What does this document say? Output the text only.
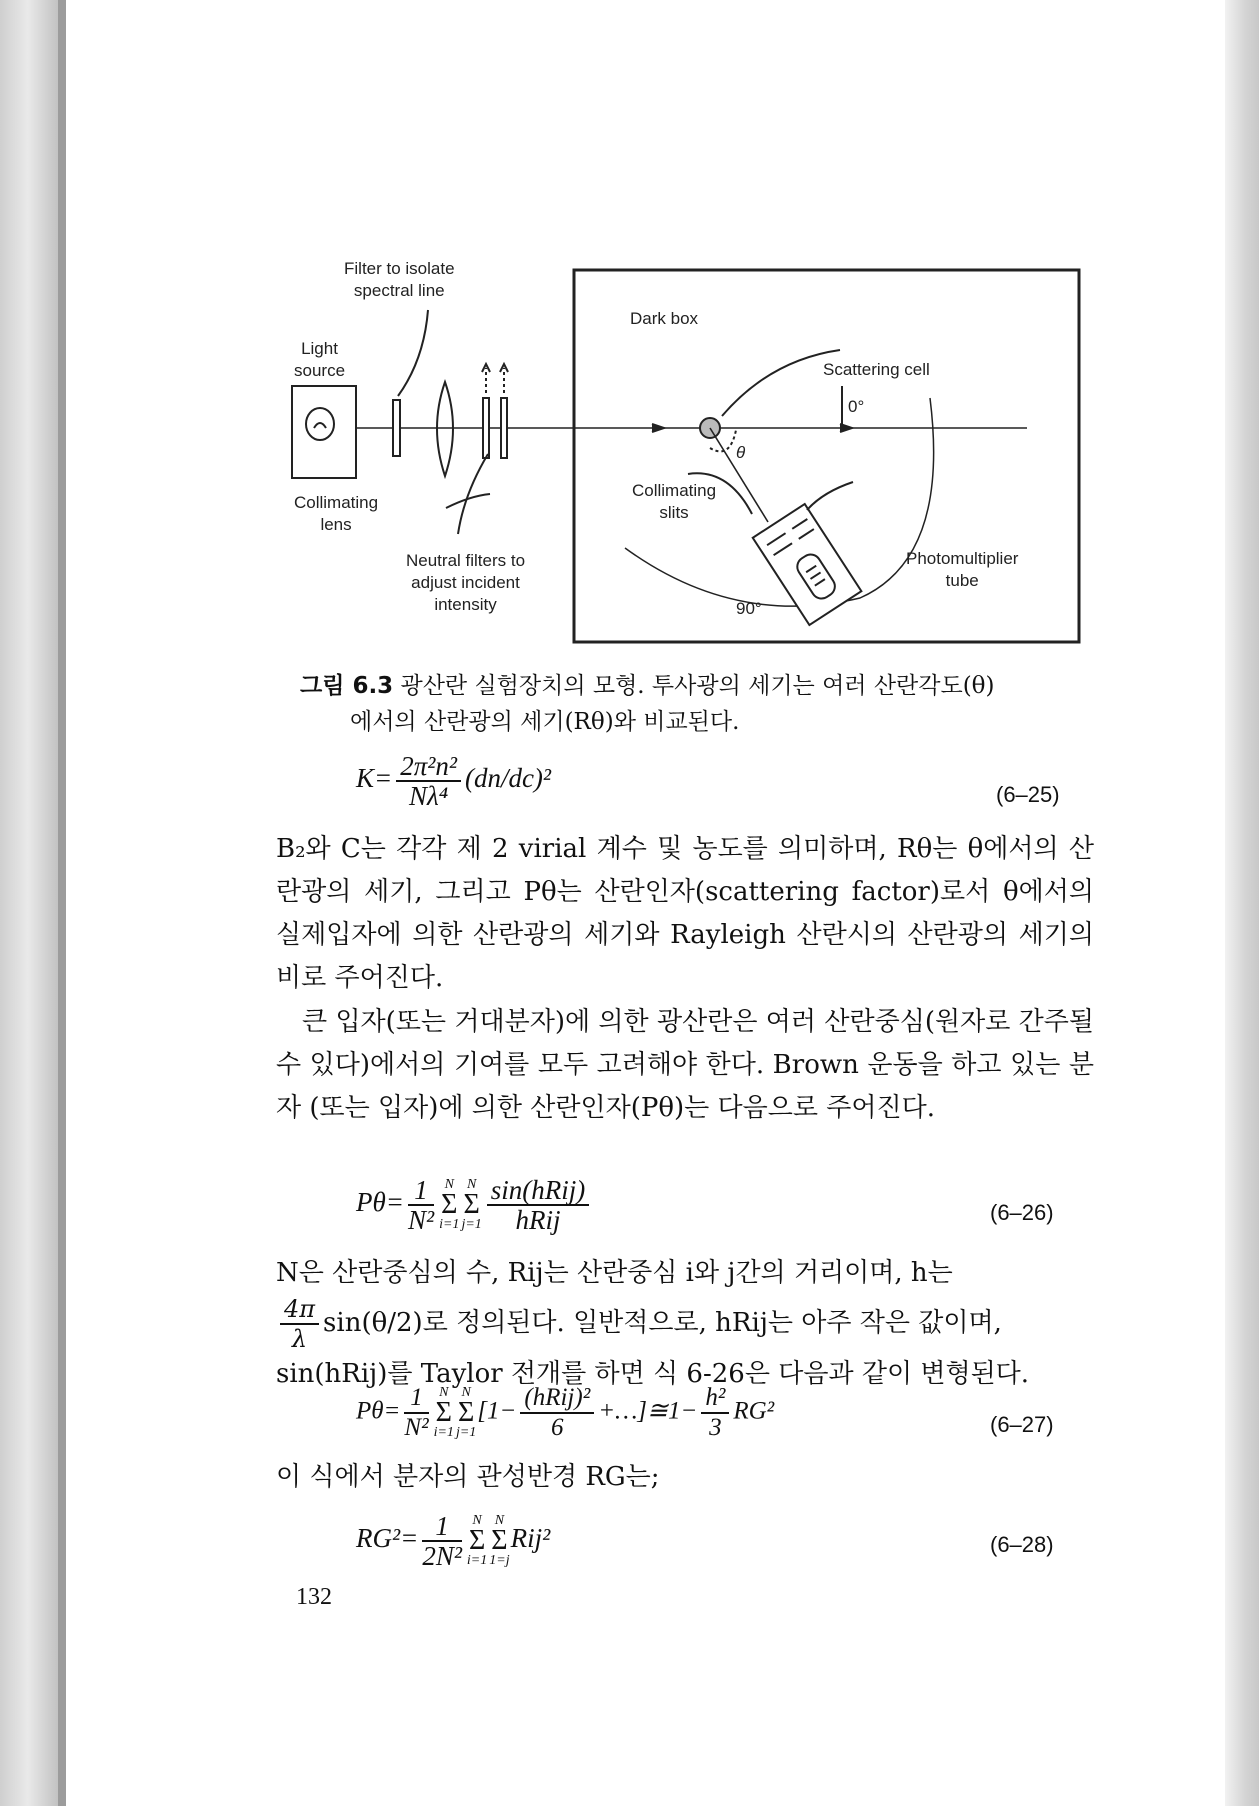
Filter to isolate
spectral line
Light
source
Collimating
lens
Neutral filters to
adjust incident
intensity
Dark box
Scattering cell
0°
θ
Collimating
slits
Photomultiplier
tube
90°
그림 6.3 광산란 실험장치의 모형. 투사광의 세기는 여러 산란각도(θ)
에서의 산란광의 세기(Rθ)와 비교된다.
$K= \frac{\text{2π²n²}}{\text{Nλ⁴}} (dn/dc)^2$
(6–25)

B₂와 C는 각각 제 2 virial 계수 및 농도를 의미하며, Rθ는 θ에서의 산란광의 세기, 그리고 Pθ는 산란인자(scattering factor)로서 θ에서의 실제입자에 의한 산란광의 세기와 Rayleigh 산란시의 산란광의 세기의 비로 주어진다.

큰 입자(또는 거대분자)에 의한 광산란은 여러 산란중심(원자로 간주될 수 있다)에서의 기여를 모두 고려해야 한다. Brown 운동을 하고 있는 분자 (또는 입자)에 의한 산란인자(Pθ)는 다음으로 주어진다.

$P\theta= \frac{1}{\text{N²}}$ N
Σ
i=1
N
Σ
$j=1 \frac{\text{sin(hRij)}}{\text{hRij}}$	(6–26)

N은 산란중심의 수, Rij는 산란중심 i와 j간의 거리이며, h는

$\frac{4\pi}{\lambda} \sin(\theta/2)$로 정의된다. 일반적으로, hRij는 아주 작은 값이며,

sin(hRij)를 Taylor 전개를 하면 식 6-26은 다음과 같이 변형된다.

$P\theta= \frac{1}{\text{N²}}$ N
Σ
i=1
N
Σ
j=1
[$1- \frac{\text{(hRij)²}}{6}$ +…]≅1− $\frac{\text{h²}}{3} RG^2$	(6–27)

이 식에서 분자의 관성반경 RG는;

$RG^2= \frac{1}{\text{2N²}}$ N
Σ
i=1
N
Σ
1=j
Rij²	(6–28)
132
